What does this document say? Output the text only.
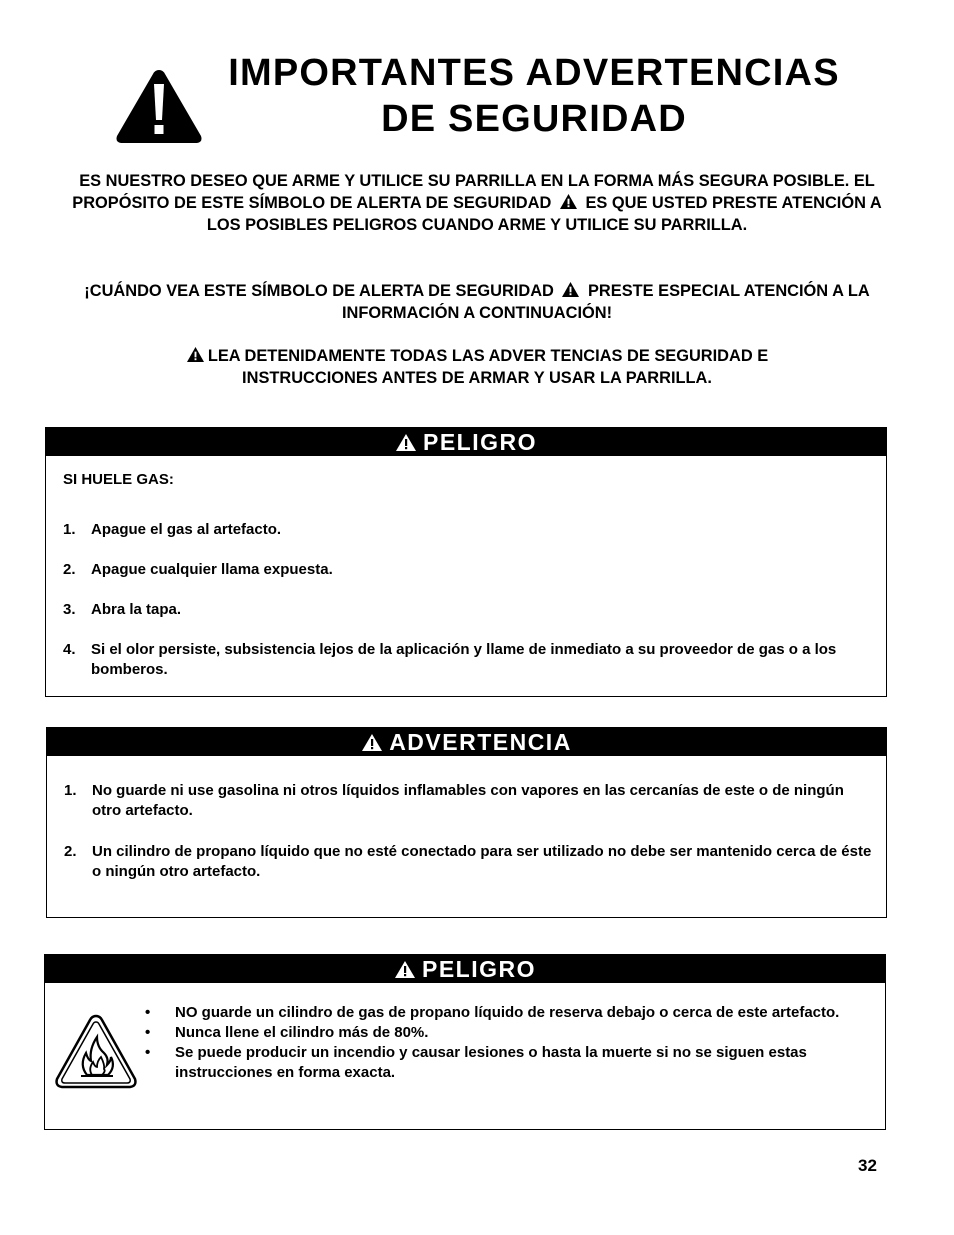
IMPORTANTES ADVERTENCIAS
DE SEGURIDAD
ES NUESTRO DESEO QUE ARME Y UTILICE SU PARRILLA EN LA FORMA MÁS SEGURA POSIBLE. EL PROPÓSITO DE ESTE SÍMBOLO DE ALERTA DE SEGURIDAD ES QUE USTED PRESTE ATENCIÓN A LOS POSIBLES PELIGROS CUANDO ARME Y UTILICE SU PARRILLA.
¡CUÁNDO VEA ESTE SÍMBOLO DE ALERTA DE SEGURIDAD PRESTE ESPECIAL ATENCIÓN A LA INFORMACIÓN A CONTINUACIÓN!
LEA DETENIDAMENTE TODAS LAS ADVER TENCIAS DE SEGURIDAD E INSTRUCCIONES ANTES DE ARMAR Y USAR LA PARRILLA.
PELIGRO
SI HUELE GAS:
1. Apague el gas al artefacto.
2. Apague cualquier llama expuesta.
3. Abra la tapa.
4. Si el olor persiste, subsistencia lejos de la aplicación y llame de inmediato a su proveedor de gas o a los bomberos.
ADVERTENCIA
1. No guarde ni use gasolina ni otros líquidos inflamables con vapores en las cercanías de este o de ningún otro artefacto.
2. Un cilindro de propano líquido que no esté conectado para ser utilizado no debe ser mantenido cerca de éste o ningún otro artefacto.
PELIGRO
• NO guarde un cilindro de gas de propano líquido de reserva debajo o cerca de este artefacto.
• Nunca llene el cilindro más de 80%.
• Se puede producir un incendio y causar lesiones o hasta la muerte si no se siguen estas instrucciones en forma exacta.
32
